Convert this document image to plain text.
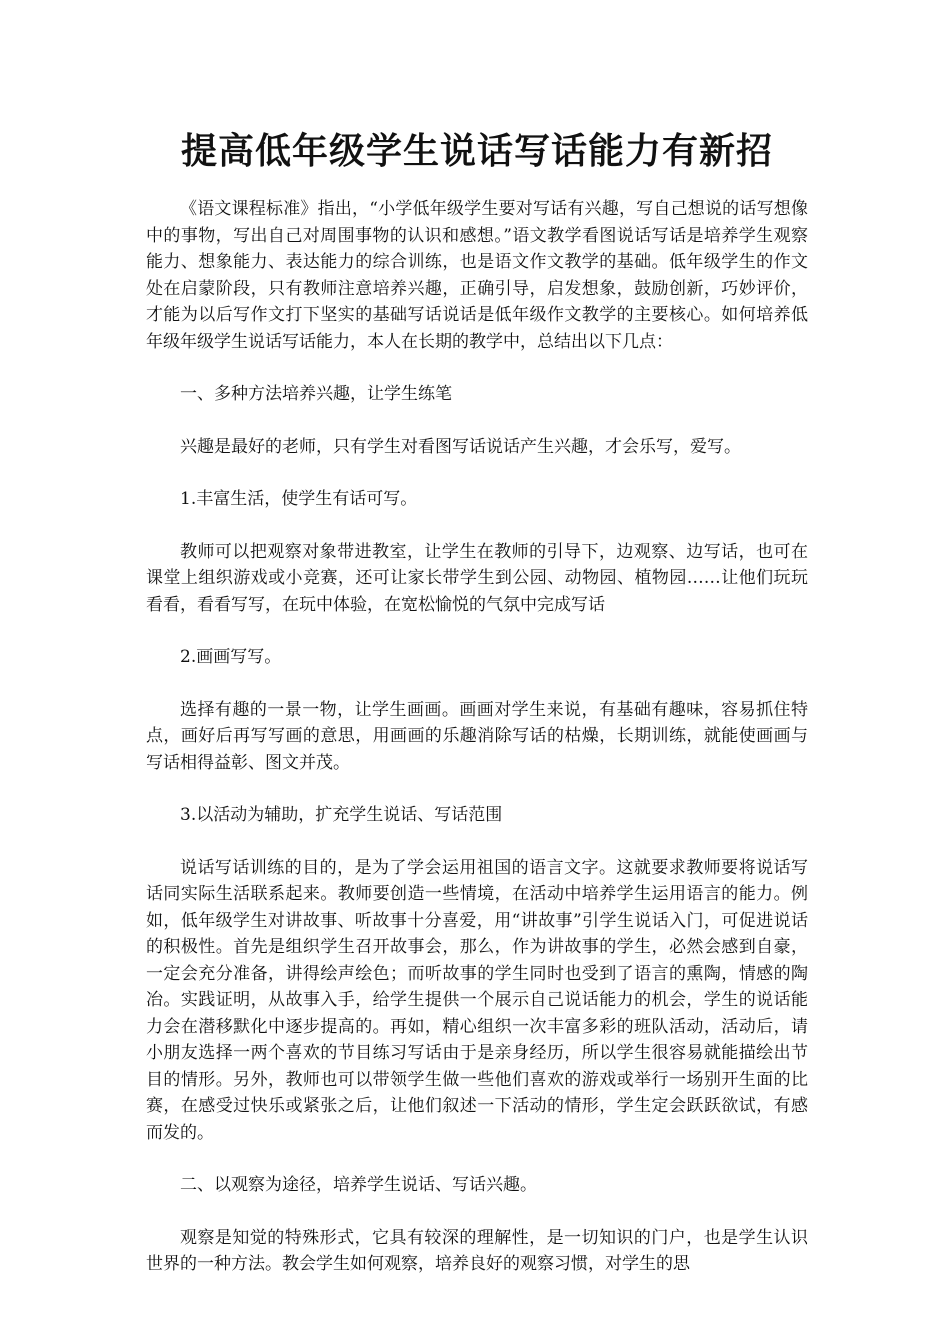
提高低年级学生说话写话能力有新招

《语文课程标准》指出，“小学低年级学生要对写话有兴趣，写自己想说的话写想像中的事物，写出自己对周围事物的认识和感想。”语文教学看图说话写话是培养学生观察能力、想象能力、表达能力的综合训练，也是语文作文教学的基础。低年级学生的作文处在启蒙阶段，只有教师注意培养兴趣，正确引导，启发想象，鼓励创新，巧妙评价，才能为以后写作文打下坚实的基础写话说话是低年级作文教学的主要核心。如何培养低年级年级学生说话写话能力，本人在长期的教学中，总结出以下几点：

一、多种方法培养兴趣，让学生练笔

兴趣是最好的老师，只有学生对看图写话说话产生兴趣，才会乐写，爱写。

1.丰富生活，使学生有话可写。

教师可以把观察对象带进教室，让学生在教师的引导下，边观察、边写话，也可在课堂上组织游戏或小竞赛，还可让家长带学生到公园、动物园、植物园……让他们玩玩看看，看看写写，在玩中体验，在宽松愉悦的气氛中完成写话

2.画画写写。

选择有趣的一景一物，让学生画画。画画对学生来说，有基础有趣味，容易抓住特点，画好后再写写画的意思，用画画的乐趣消除写话的枯燥，长期训练，就能使画画与写话相得益彰、图文并茂。

3.以活动为辅助，扩充学生说话、写话范围

说话写话训练的目的，是为了学会运用祖国的语言文字。这就要求教师要将说话写话同实际生活联系起来。教师要创造一些情境，在活动中培养学生运用语言的能力。例如，低年级学生对讲故事、听故事十分喜爱，用“讲故事”引学生说话入门，可促进说话的积极性。首先是组织学生召开故事会，那么，作为讲故事的学生，必然会感到自豪，一定会充分准备，讲得绘声绘色；而听故事的学生同时也受到了语言的熏陶，情感的陶冶。实践证明，从故事入手，给学生提供一个展示自己说话能力的机会，学生的说话能力会在潜移默化中逐步提高的。再如，精心组织一次丰富多彩的班队活动，活动后，请小朋友选择一两个喜欢的节目练习写话由于是亲身经历，所以学生很容易就能描绘出节目的情形。另外，教师也可以带领学生做一些他们喜欢的游戏或举行一场别开生面的比赛，在感受过快乐或紧张之后，让他们叙述一下活动的情形，学生定会跃跃欲试，有感而发的。

二、以观察为途径，培养学生说话、写话兴趣。

观察是知觉的特殊形式，它具有较深的理解性，是一切知识的门户，也是学生认识世界的一种方法。教会学生如何观察，培养良好的观察习惯，对学生的思
